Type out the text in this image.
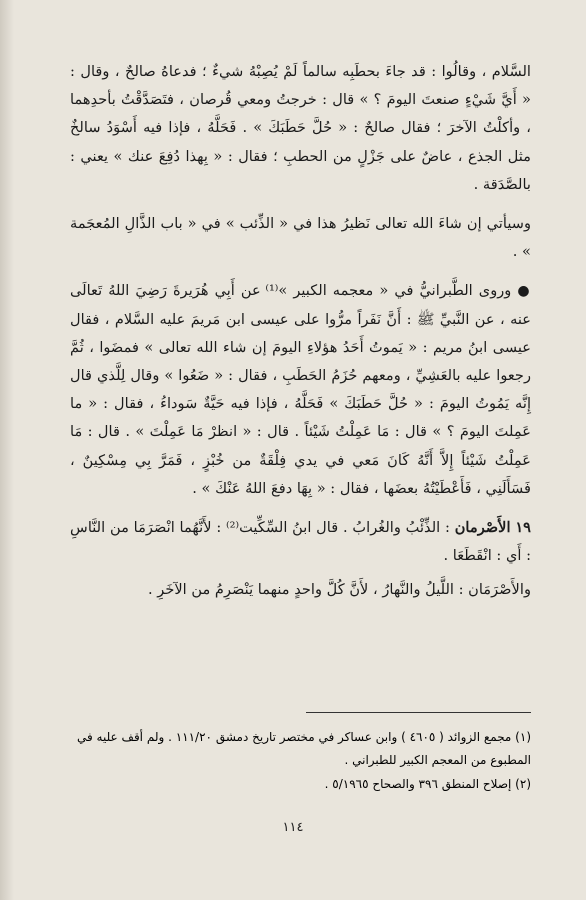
السَّلام ، وقالُوا : قد جاءَ بحطَبِه سالماً لَمْ يُصِبْهُ شيءٌ ؛ فدعاهُ صالحٌ ، وقال : « أَيَّ شَيْءٍ صنعتَ اليومَ ؟ » قال : خرجتُ ومعي قُرصان ، فتَصَدَّقْتُ بأحدِهما ، وأكلْتُ الآخرَ ؛ فقال صالحٌ : « حُلَّ حَطَبَكَ » . فَحَلَّهُ ، فإذا فيه أَسْوَدُ سالخٌ مثل الجذع ، عاضٌ على جَزْلٍ من الحطبِ ؛ فقال : « بِهذا دُفِعَ عنك » يعني : بالصَّدَقة .

وسيأتي إن شاءَ الله تعالى نَظيرُ هذا في « الذِّئب » في « باب الذَّالِ المُعجَمة » .

● وروى الطَّبرانيُّ في « معجمه الكبير »⁽¹⁾ عن أَبِي هُرَيرةَ رَضِيَ اللهُ تَعالَى عنه ، عن النَّبيِّ ﷺ : أَنَّ نَفَراً مرُّوا على عيسى ابن مَريمَ عليه السَّلام ، فقال عيسى ابنُ مريم : « يَموتُ أَحَدُ هؤلاءِ اليومَ إن شاء الله تعالى » فمضَوا ، ثُمَّ رجعوا عليه بالعَشِيِّ ، ومعهم حُزَمُ الحَطَبِ ، فقال : « ضَعُوا » وقال لِلَّذي قال إِنَّه يَمُوتُ اليومَ : « حُلَّ حَطَبَكَ » فَحَلَّهُ ، فإذا فيه حَيَّةٌ سَوداءُ ، فقال : « ما عَمِلتَ اليومَ ؟ » قال : مَا عَمِلْتُ شَيْئاً . قال : « انظرْ مَا عَمِلْتَ » . قال : مَا عَمِلْتُ شَيْئاً إِلاَّ أَنَّهُ كَانَ مَعي في يدي فِلْقَةٌ من خُبْزٍ ، فَمَرَّ بِي مِسْكِينٌ ، فَسَأَلَنِي ، فَأَعْطَيْتُهُ بعضَها ، فقال : « بِهَا دفعَ اللهُ عَنْكَ » .

١٩ الأَصْرمان : الذِّئْبُ والغُرابُ . قال ابنُ السِّكِّيت⁽²⁾ : لأَنَّهُما انْصَرَمَا من النَّاسِ : أَي : انْقَطَعَا .

والأَصْرَمَان : اللَّيلُ والنَّهارُ ، لأَنَّ كُلَّ واحدٍ منهما يَنْصَرِمُ من الآخَرِ .

(١) مجمع الزوائد ( ٤٦٠٥ ) وابن عساكر في مختصر تاريخ دمشق ١١١/٢٠ . ولم أقف عليه في المطبوع من المعجم الكبير للطبراني .

(٢) إصلاح المنطق ٣٩٦ والصحاح ٥/١٩٦٥ .

١١٤
